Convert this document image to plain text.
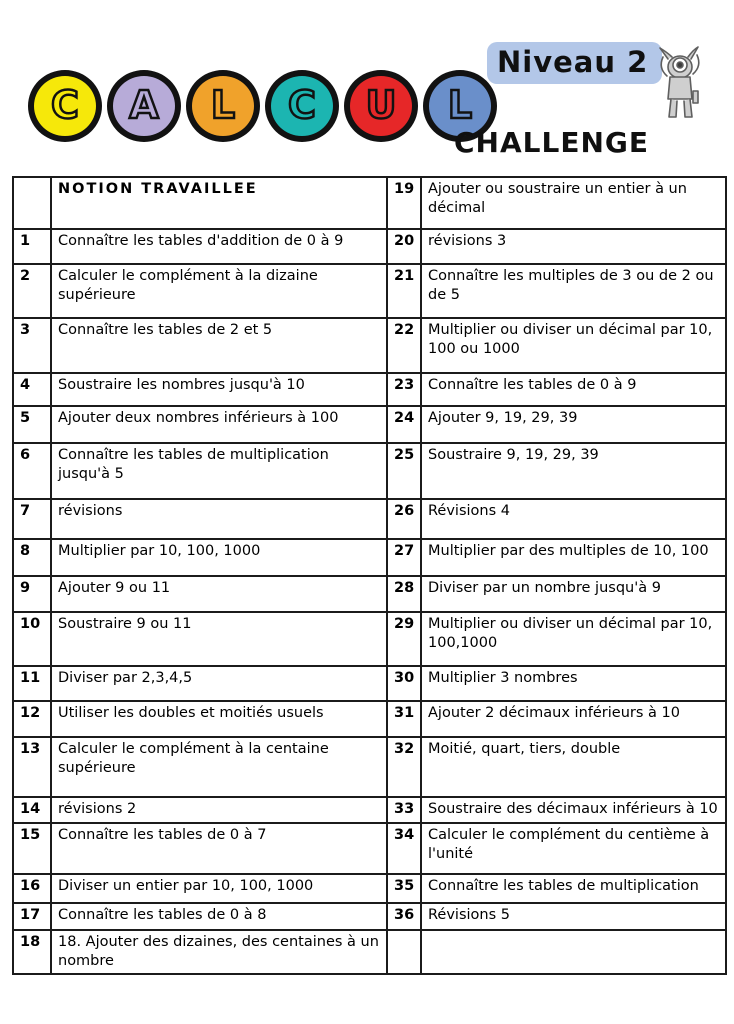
C A L C U L
Niveau 2
CHALLENGE
	NOTION TRAVAILLEE	19	Ajouter ou soustraire un entier à un décimal
1	Connaître les tables d'addition de 0 à 9	20	révisions 3
2	Calculer le complément à la dizaine supérieure	21	Connaître les multiples de 3 ou de 2 ou de 5
3	Connaître les tables de 2 et 5	22	Multiplier ou diviser un décimal par 10, 100 ou 1000
4	Soustraire les nombres jusqu'à 10	23	Connaître les tables de 0 à 9
5	Ajouter deux nombres inférieurs à 100	24	Ajouter 9, 19, 29, 39
6	Connaître les tables de multiplication jusqu'à 5	25	Soustraire 9, 19, 29, 39
7	révisions	26	Révisions 4
8	Multiplier par 10, 100, 1000	27	Multiplier par des multiples de 10, 100
9	Ajouter 9 ou 11	28	Diviser par un nombre jusqu'à 9
10	Soustraire 9 ou 11	29	Multiplier ou diviser un décimal par 10, 100,1000
11	Diviser par 2,3,4,5	30	Multiplier 3 nombres
12	Utiliser les doubles et moitiés usuels	31	Ajouter 2 décimaux inférieurs à 10
13	Calculer le complément à la centaine supérieure	32	Moitié, quart, tiers, double
14	révisions 2	33	Soustraire des décimaux inférieurs à 10
15	Connaître les tables de 0 à 7	34	Calculer le complément du centième à l'unité
16	Diviser un entier par 10, 100, 1000	35	Connaître les tables de multiplication
17	Connaître les tables de 0 à 8	36	Révisions 5
18	18. Ajouter des dizaines, des centaines à un nombre		
